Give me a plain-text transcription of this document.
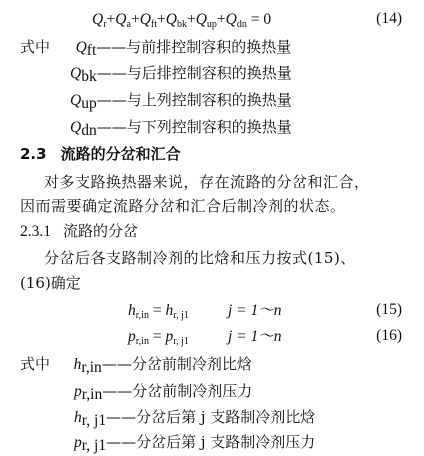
$Q_r+Q_a+Q_{ft}+Q_{bk}+Q_{up}+Q_{dn} = 0$	(14)
式中 $Q_{ft}——$与前排控制容积的换热量
$Q_{bk}——$与后排控制容积的换热量
$Q_{up}——$与上列控制容积的换热量
$Q_{dn}——$与下列控制容积的换热量
2.3 流路的分岔和汇合
对多支路换热器来说，存在流路的分岔和汇合，
因而需要确定流路分岔和汇合后制冷剂的状态。
2.3.1 流路的分岔
分岔后各支路制冷剂的比焓和压力按式(15)、
(16)确定
$h_{r,in} = h_{r, j1}$	j = 1～n	(15)
$p_{r,in} = p_{r, j1}$	j = 1～n	(16)
式中 $h_{r,in}——$分岔前制冷剂比焓
$p_{r,in}——$分岔前制冷剂压力
$h_{r, j1}——$分岔后第 j 支路制冷剂比焓
$p_{r, j1}——$分岔后第 j 支路制冷剂压力
